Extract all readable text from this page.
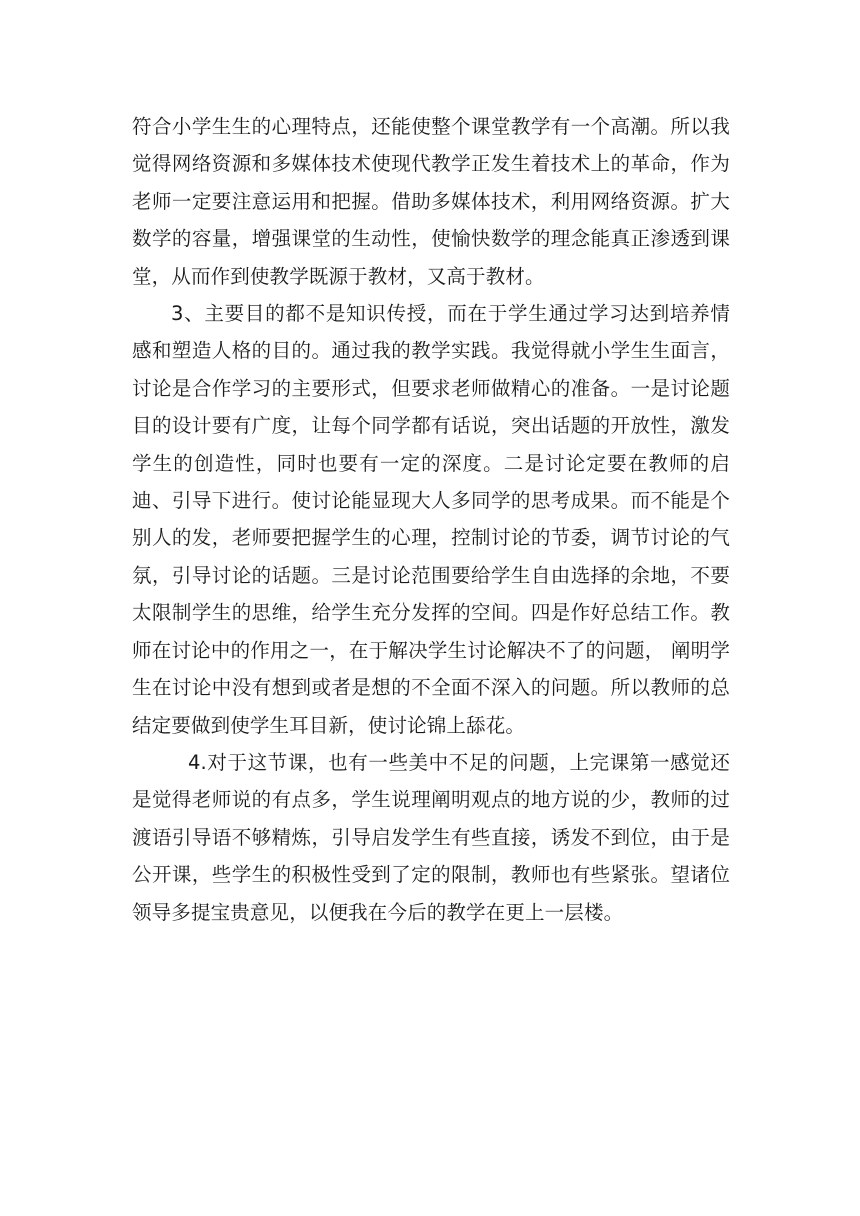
符合小学生生的心理特点，还能使整个课堂教学有一个高潮。所以我觉得网络资源和多媒体技术使现代教学正发生着技术上的革命，作为老师一定要注意运用和把握。借助多媒体技术，利用网络资源。扩大数学的容量，增强课堂的生动性，使愉快数学的理念能真正渗透到课堂，从而作到使教学既源于教材，又高于教材。

3、主要目的都不是知识传授，而在于学生通过学习达到培养情感和塑造人格的目的。通过我的教学实践。我觉得就小学生生面言，讨论是合作学习的主要形式，但要求老师做精心的准备。一是讨论题目的设计要有广度，让每个同学都有话说，突出话题的开放性，激发学生的创造性，同时也要有一定的深度。二是讨论定要在教师的启迪、引导下进行。使讨论能显现大人多同学的思考成果。而不能是个别人的发，老师要把握学生的心理，控制讨论的节委，调节讨论的气氛，引导讨论的话题。三是讨论范围要给学生自由选择的余地，不要太限制学生的思维，给学生充分发挥的空间。四是作好总结工作。教师在讨论中的作用之一，在于解决学生讨论解决不了的问题， 阐明学生在讨论中没有想到或者是想的不全面不深入的问题。所以教师的总结定要做到使学生耳目新，使讨论锦上舔花。

4.对于这节课，也有一些美中不足的问题，上完课第一感觉还是觉得老师说的有点多，学生说理阐明观点的地方说的少，教师的过渡语引导语不够精炼，引导启发学生有些直接，诱发不到位，由于是公开课，些学生的积极性受到了定的限制，教师也有些紧张。望诸位领导多提宝贵意见，以便我在今后的教学在更上一层楼。
